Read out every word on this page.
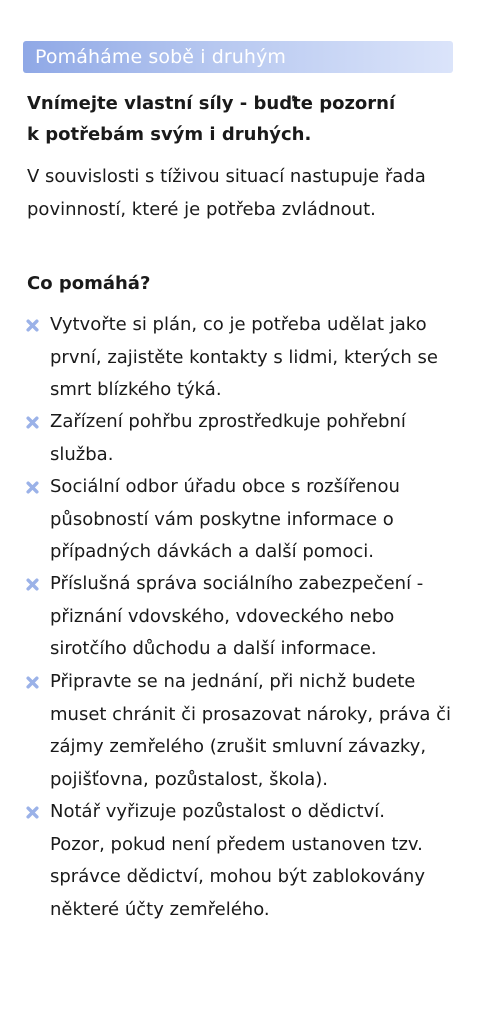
Pomáháme sobě i druhým
Vnímejte vlastní síly - buďte pozorní
k potřebám svým i druhých.
V souvislosti s tíživou situací nastupuje řada
povinností, které je potřeba zvládnout.
Co pomáhá?
Vytvořte si plán, co je potřeba udělat jako
první, zajistěte kontakty s lidmi, kterých se
smrt blízkého týká.
Zařízení pohřbu zprostředkuje pohřební
služba.
Sociální odbor úřadu obce s rozšířenou
působností vám poskytne informace o
případných dávkách a další pomoci.
Příslušná správa sociálního zabezpečení -
přiznání vdovského, vdoveckého nebo
sirotčího důchodu a další informace.
Připravte se na jednání, při nichž budete
muset chránit či prosazovat nároky, práva či
zájmy zemřelého (zrušit smluvní závazky,
pojišťovna, pozůstalost, škola).
Notář vyřizuje pozůstalost o dědictví.
Pozor, pokud není předem ustanoven tzv.
správce dědictví, mohou být zablokovány
některé účty zemřelého.
